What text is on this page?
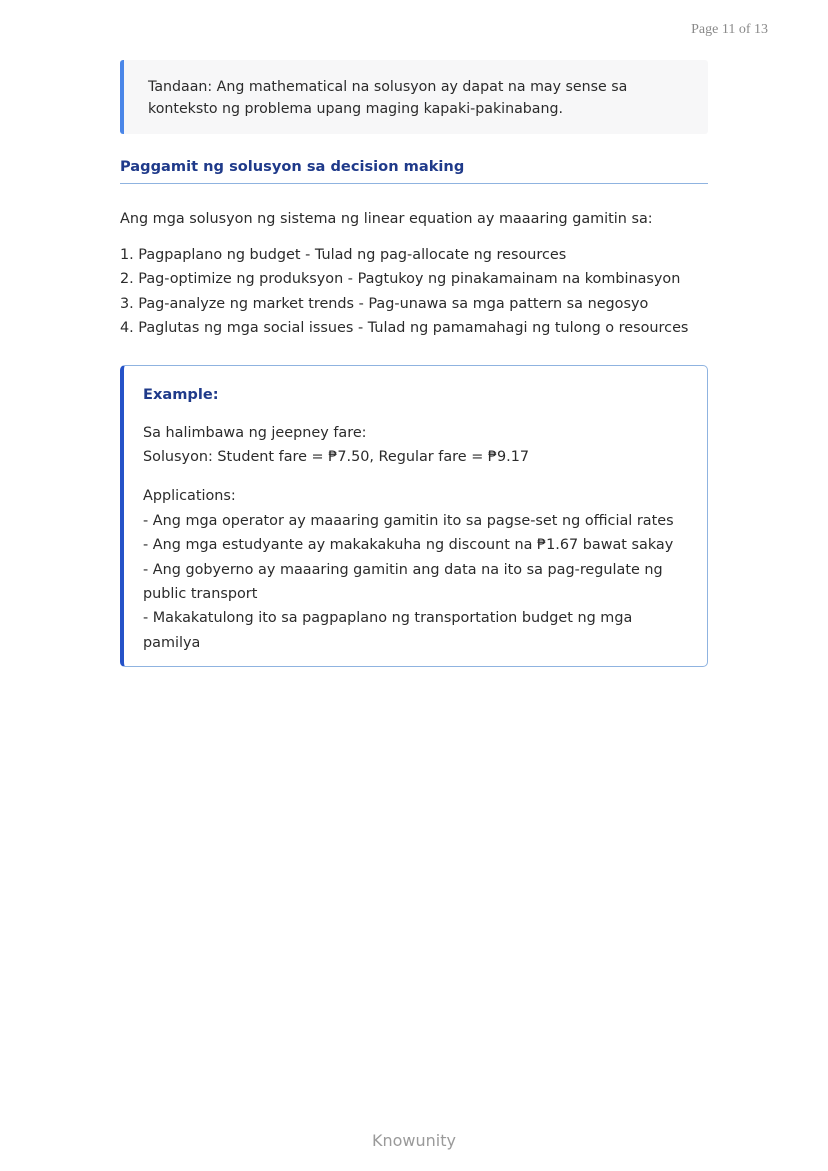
Page 11 of 13
Tandaan: Ang mathematical na solusyon ay dapat na may sense sa
konteksto ng problema upang maging kapaki-pakinabang.
Paggamit ng solusyon sa decision making

Ang mga solusyon ng sistema ng linear equation ay maaaring gamitin sa:

1. Pagpaplano ng budget - Tulad ng pag-allocate ng resources
2. Pag-optimize ng produksyon - Pagtukoy ng pinakamainam na kombinasyon
3. Pag-analyze ng market trends - Pag-unawa sa mga pattern sa negosyo
4. Paglutas ng mga social issues - Tulad ng pamamahagi ng tulong o resources
Example:
Sa halimbawa ng jeepney fare:
Solusyon: Student fare = ₱7.50, Regular fare = ₱9.17
Applications:
- Ang mga operator ay maaaring gamitin ito sa pagse-set ng official rates
- Ang mga estudyante ay makakakuha ng discount na ₱1.67 bawat sakay
- Ang gobyerno ay maaaring gamitin ang data na ito sa pag-regulate ng
public transport
- Makakatulong ito sa pagpaplano ng transportation budget ng mga pamilya
Knowunity
